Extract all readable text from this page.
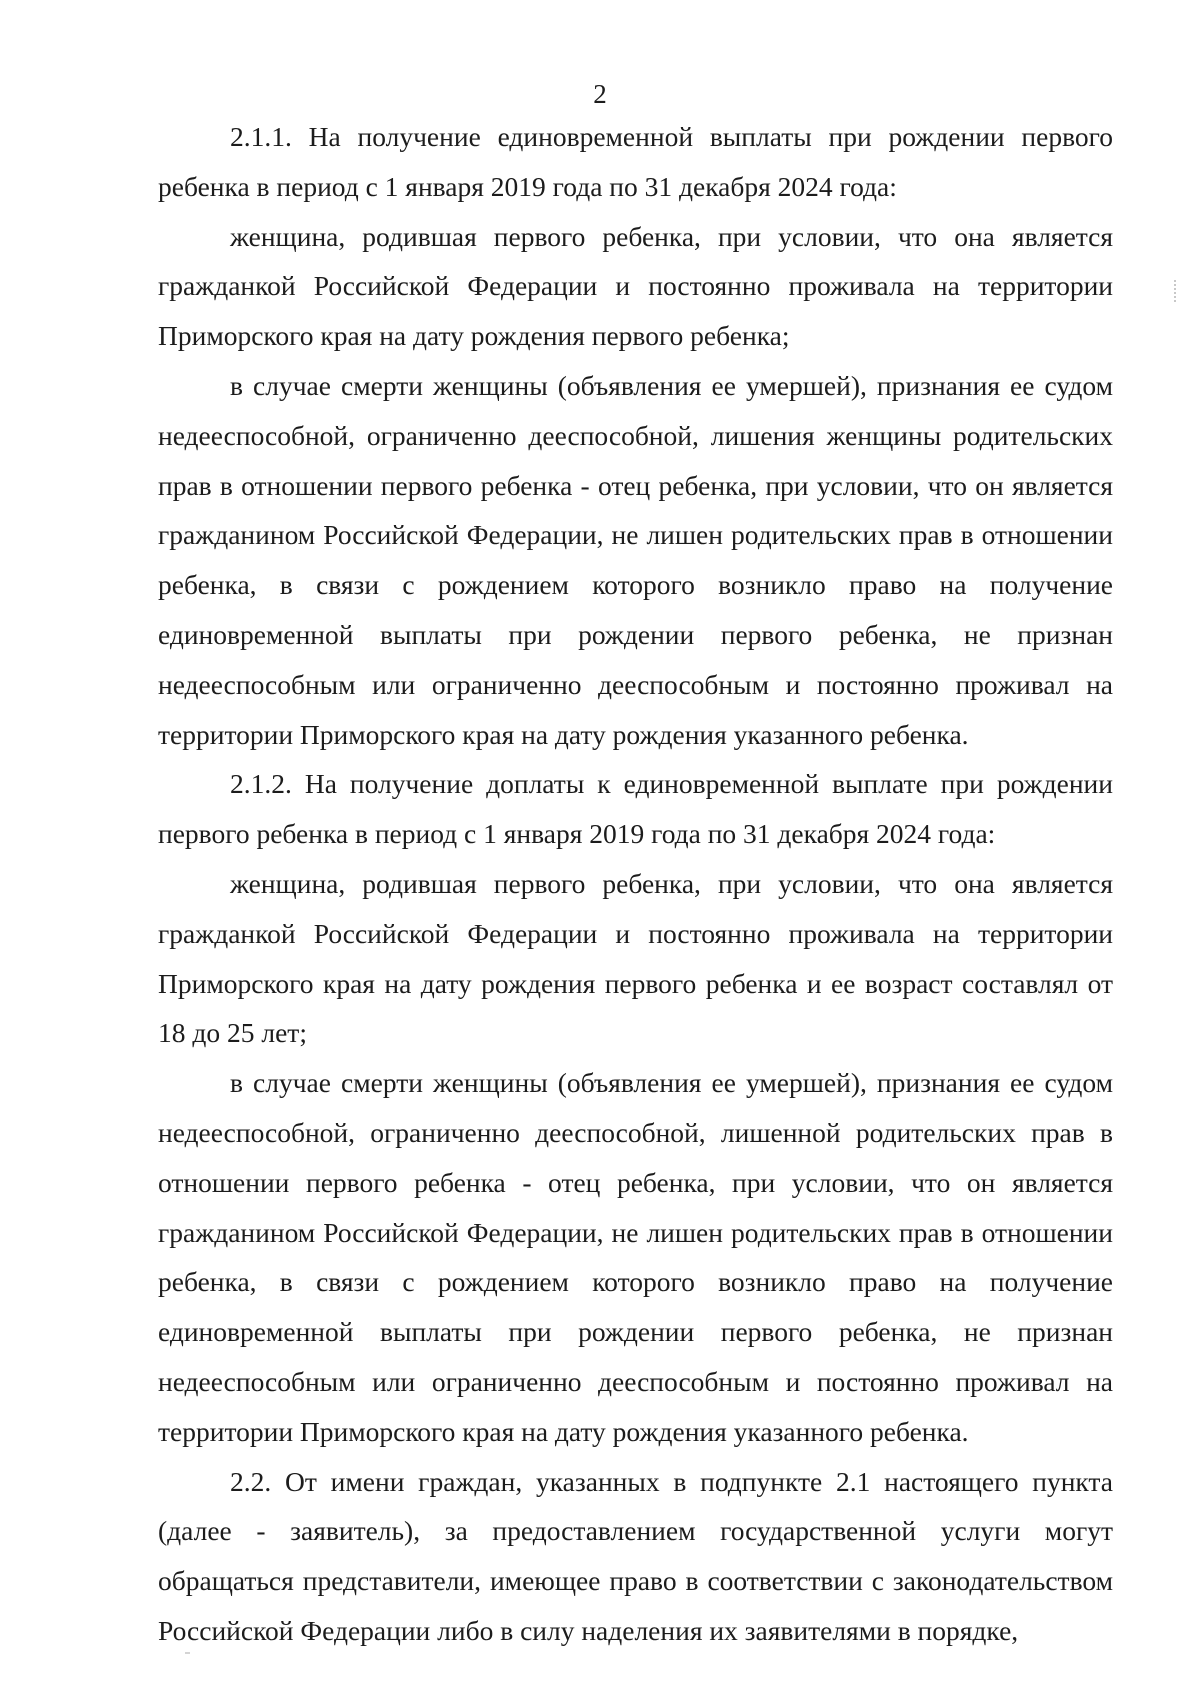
2

2.1.1. На получение единовременной выплаты при рождении первого ребенка в период с 1 января 2019 года по 31 декабря 2024 года:

женщина, родившая первого ребенка, при условии, что она является гражданкой Российской Федерации и постоянно проживала на территории Приморского края на дату рождения первого ребенка;

в случае смерти женщины (объявления ее умершей), признания ее судом недееспособной, ограниченно дееспособной, лишения женщины родительских прав в отношении первого ребенка - отец ребенка, при условии, что он является гражданином Российской Федерации, не лишен родительских прав в отношении ребенка, в связи с рождением которого возникло право на получение единовременной выплаты при рождении первого ребенка, не признан недееспособным или ограниченно дееспособным и постоянно проживал на территории Приморского края на дату рождения указанного ребенка.

2.1.2. На получение доплаты к единовременной выплате при рождении первого ребенка в период с 1 января 2019 года по 31 декабря 2024 года:

женщина, родившая первого ребенка, при условии, что она является гражданкой Российской Федерации и постоянно проживала на территории Приморского края на дату рождения первого ребенка и ее возраст составлял от 18 до 25 лет;

в случае смерти женщины (объявления ее умершей), признания ее судом недееспособной, ограниченно дееспособной, лишенной родительских прав в отношении первого ребенка - отец ребенка, при условии, что он является гражданином Российской Федерации, не лишен родительских прав в отношении ребенка, в связи с рождением которого возникло право на получение единовременной выплаты при рождении первого ребенка, не признан недееспособным или ограниченно дееспособным и постоянно проживал на территории Приморского края на дату рождения указанного ребенка.

2.2. От имени граждан, указанных в подпункте 2.1 настоящего пункта (далее - заявитель), за предоставлением государственной услуги могут обращаться представители, имеющее право в соответствии с законодательством Российской Федерации либо в силу наделения их заявителями в порядке,
